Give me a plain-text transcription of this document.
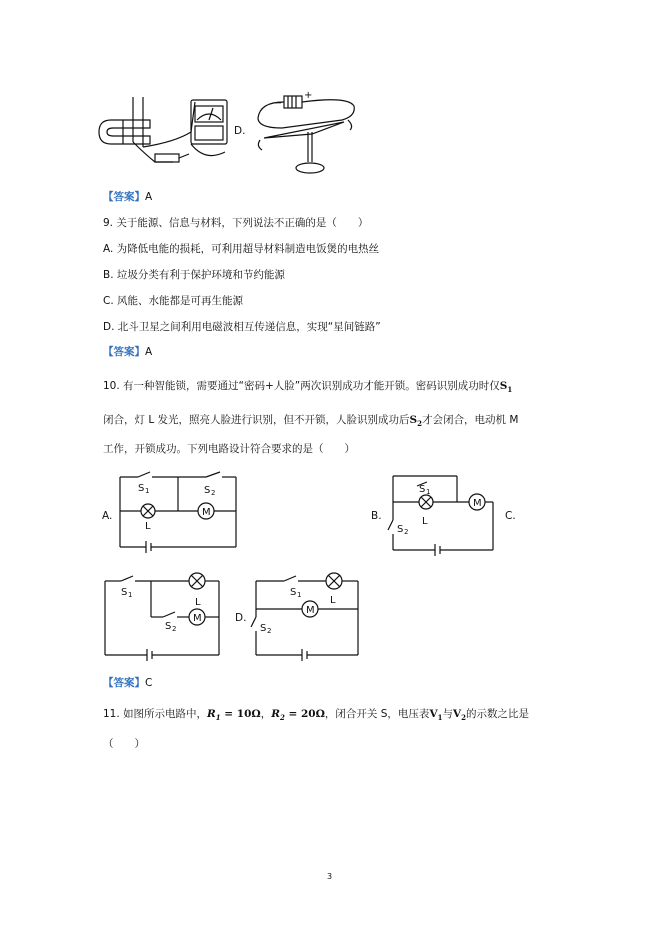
D.
−
+
【答案】A
9. 关于能源、信息与材料，下列说法不正确的是（　　）
A. 为降低电能的损耗，可利用超导材料制造电饭煲的电热丝
B. 垃圾分类有利于保护环境和节约能源
C. 风能、水能都是可再生能源
D. 北斗卫星之间利用电磁波相互传递信息，实现“星间链路”
【答案】A
10. 有一种智能锁，需要通过“密码+人脸”两次识别成功才能开锁。密码识别成功时仅$S_1$
闭合，灯 L 发光，照亮人脸进行识别，但不开锁，人脸识别成功后$S_2$才会闭合，电动机 M
工作，开锁成功。下列电路设计符合要求的是（　　）
A.
S 1	S 2
L
M	B.
S 1
L
M
S 2
C.
S 1
L
S 2
M	D.
S 1	L
M
S 2
【答案】C
11. 如图所示电路中，$R_1 = 10\Omega$，$R_2 = 20\Omega$，闭合开关 S，电压表$V_1$与$V_2$的示数之比是
（　　）
3
